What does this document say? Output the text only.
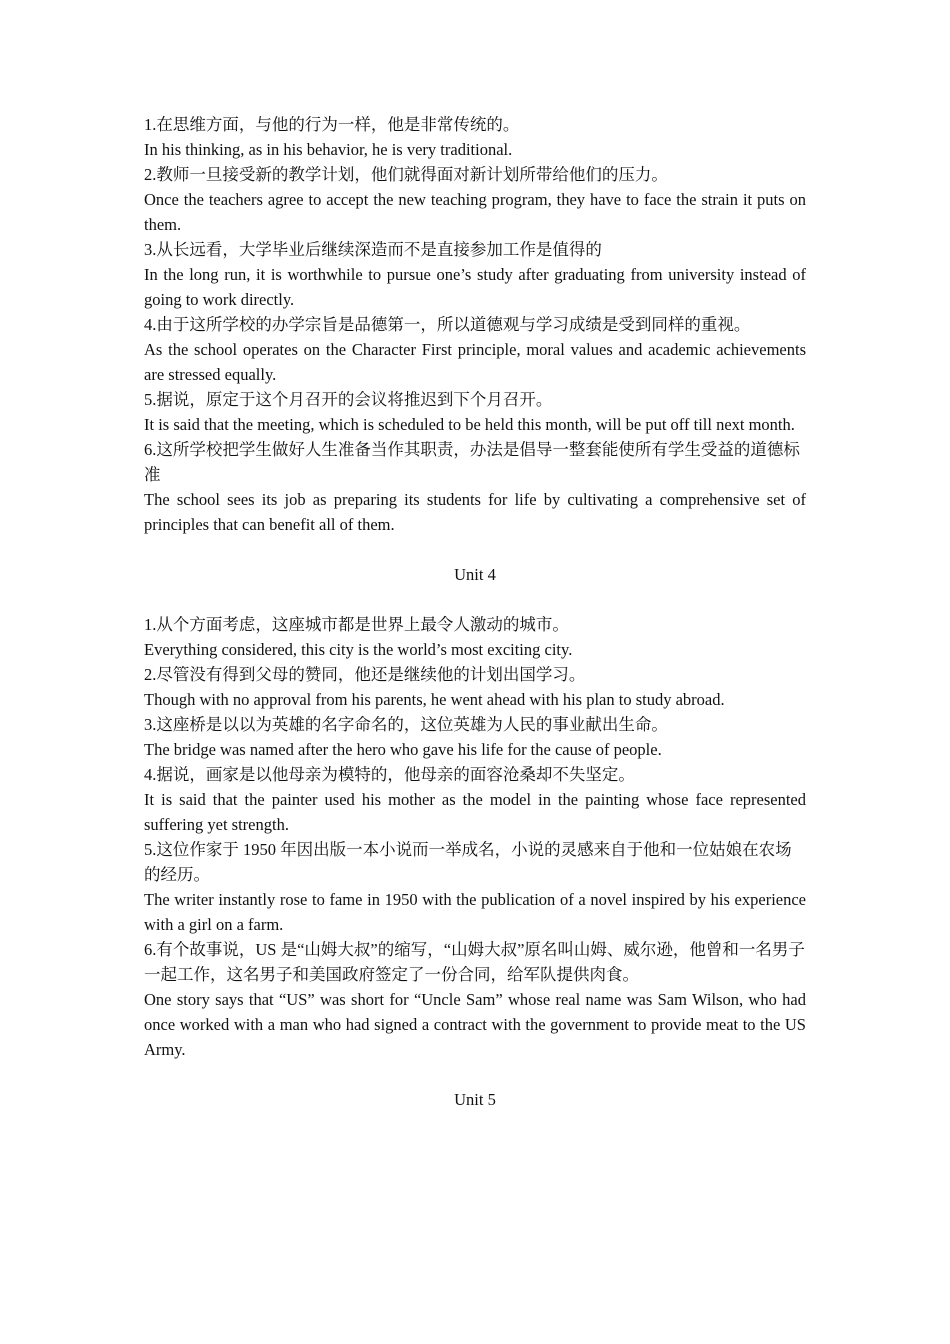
1.在思维方面，与他的行为一样，他是非常传统的。

In his thinking, as in his behavior, he is very traditional.

2.教师一旦接受新的教学计划，他们就得面对新计划所带给他们的压力。

Once the teachers agree to accept the new teaching program, they have to face the strain it puts on them.

3.从长远看，大学毕业后继续深造而不是直接参加工作是值得的

In the long run, it is worthwhile to pursue one’s study after graduating from university instead of going to work directly.

4.由于这所学校的办学宗旨是品德第一，所以道德观与学习成绩是受到同样的重视。

As the school operates on the Character First principle, moral values and academic achievements are stressed equally.

5.据说，原定于这个月召开的会议将推迟到下个月召开。

It is said that the meeting, which is scheduled to be held this month, will be put off till next month.

6.这所学校把学生做好人生准备当作其职责，办法是倡导一整套能使所有学生受益的道德标准

The school sees its job as preparing its students for life by cultivating a comprehensive set of principles that can benefit all of them.

Unit 4

1.从个方面考虑，这座城市都是世界上最令人激动的城市。

Everything considered, this city is the world’s most exciting city.

2.尽管没有得到父母的赞同，他还是继续他的计划出国学习。

Though with no approval from his parents, he went ahead with his plan to study abroad.

3.这座桥是以以为英雄的名字命名的，这位英雄为人民的事业献出生命。

The bridge was named after the hero who gave his life for the cause of people.

4.据说，画家是以他母亲为模特的，他母亲的面容沧桑却不失坚定。

It is said that the painter used his mother as the model in the painting whose face represented suffering yet strength.

5.这位作家于 1950 年因出版一本小说而一举成名，小说的灵感来自于他和一位姑娘在农场的经历。

The writer instantly rose to fame in 1950 with the publication of a novel inspired by his experience with a girl on a farm.

6.有个故事说，US 是“山姆大叔”的缩写，“山姆大叔”原名叫山姆、威尔逊，他曾和一名男子一起工作，这名男子和美国政府签定了一份合同，给军队提供肉食。

One story says that “US” was short for “Uncle Sam” whose real name was Sam Wilson, who had once worked with a man who had signed a contract with the government to provide meat to the US Army.

Unit 5
